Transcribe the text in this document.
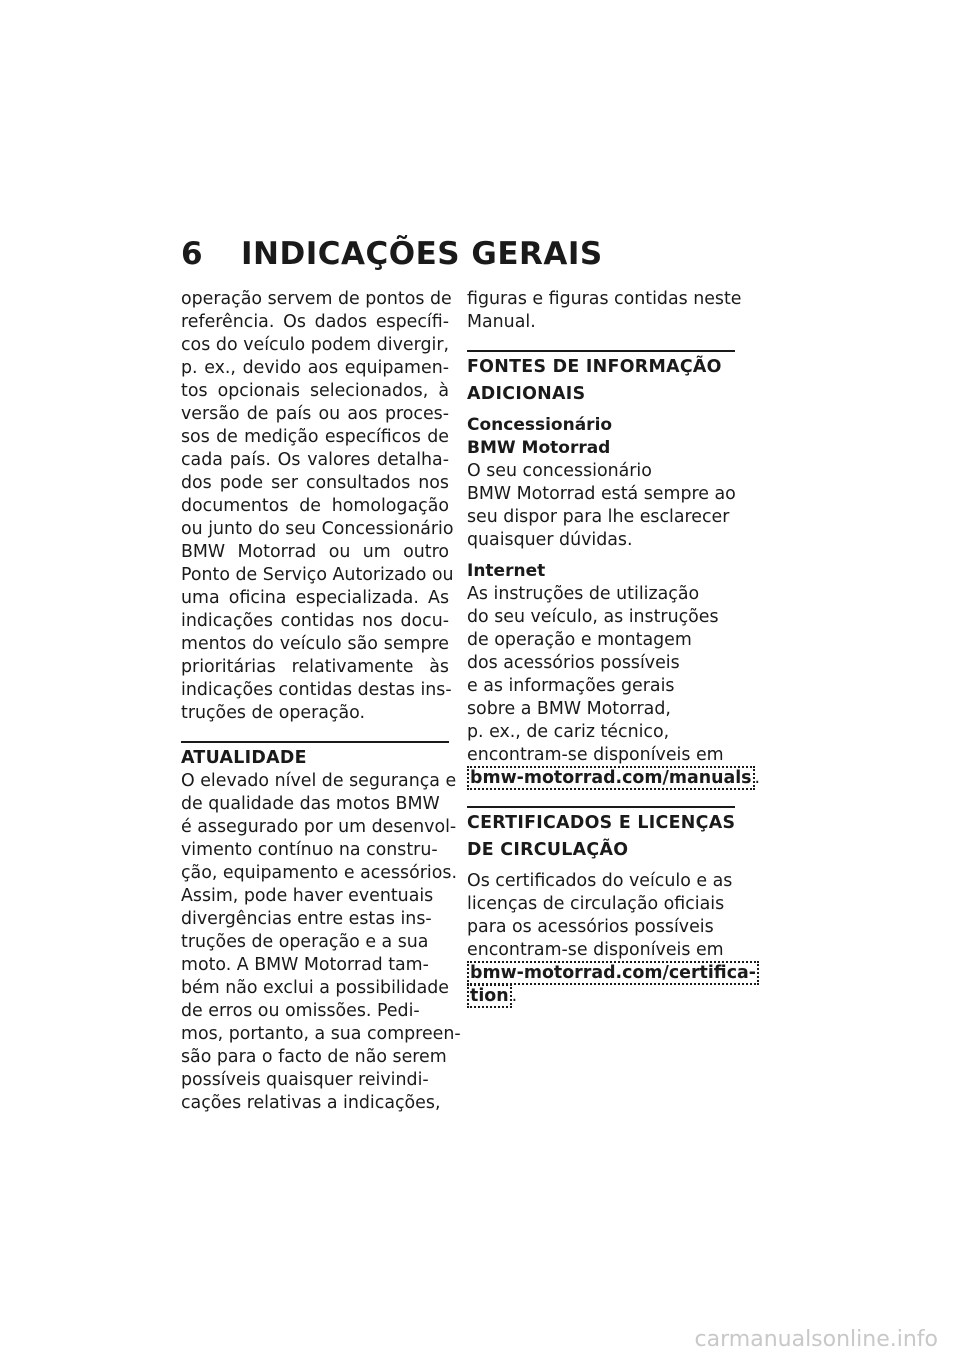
6 INDICAÇÕES GERAIS
operação servem de pontos de
referência. Os dados específi-
cos do veículo podem divergir,
p. ex., devido aos equipamen-
tos opcionais selecionados, à
versão de país ou aos proces-
sos de medição específicos de
cada país. Os valores detalha-
dos pode ser consultados nos
documentos de homologação
ou junto do seu Concessionário
BMW Motorrad ou um outro
Ponto de Serviço Autorizado ou
uma oficina especializada. As
indicações contidas nos docu-
mentos do veículo são sempre
prioritárias relativamente às
indicações contidas destas ins-
truções de operação.
ATUALIDADE
O elevado nível de segurança e
de qualidade das motos BMW
é assegurado por um desenvol-
vimento contínuo na constru-
ção, equipamento e acessórios.
Assim, pode haver eventuais
divergências entre estas ins-
truções de operação e a sua
moto. A BMW Motorrad tam-
bém não exclui a possibilidade
de erros ou omissões. Pedi-
mos, portanto, a sua compreen-
são para o facto de não serem
possíveis quaisquer reivindi-
cações relativas a indicações,
figuras e figuras contidas neste
Manual.
FONTES DE INFORMAÇÃO
ADICIONAIS
Concessionário
BMW Motorrad
O seu concessionário
BMW Motorrad está sempre ao
seu dispor para lhe esclarecer
quaisquer dúvidas.
Internet
As instruções de utilização
do seu veículo, as instruções
de operação e montagem
dos acessórios possíveis
e as informações gerais
sobre a BMW Motorrad,
p. ex., de cariz técnico,
encontram-se disponíveis em
bmw-motorrad.com/manuals .
CERTIFICADOS E LICENÇAS
DE CIRCULAÇÃO
Os certificados do veículo e as
licenças de circulação oficiais
para os acessórios possíveis
encontram-se disponíveis em
bmw-motorrad.com/certifica-
tion .
carmanualsonline.info
